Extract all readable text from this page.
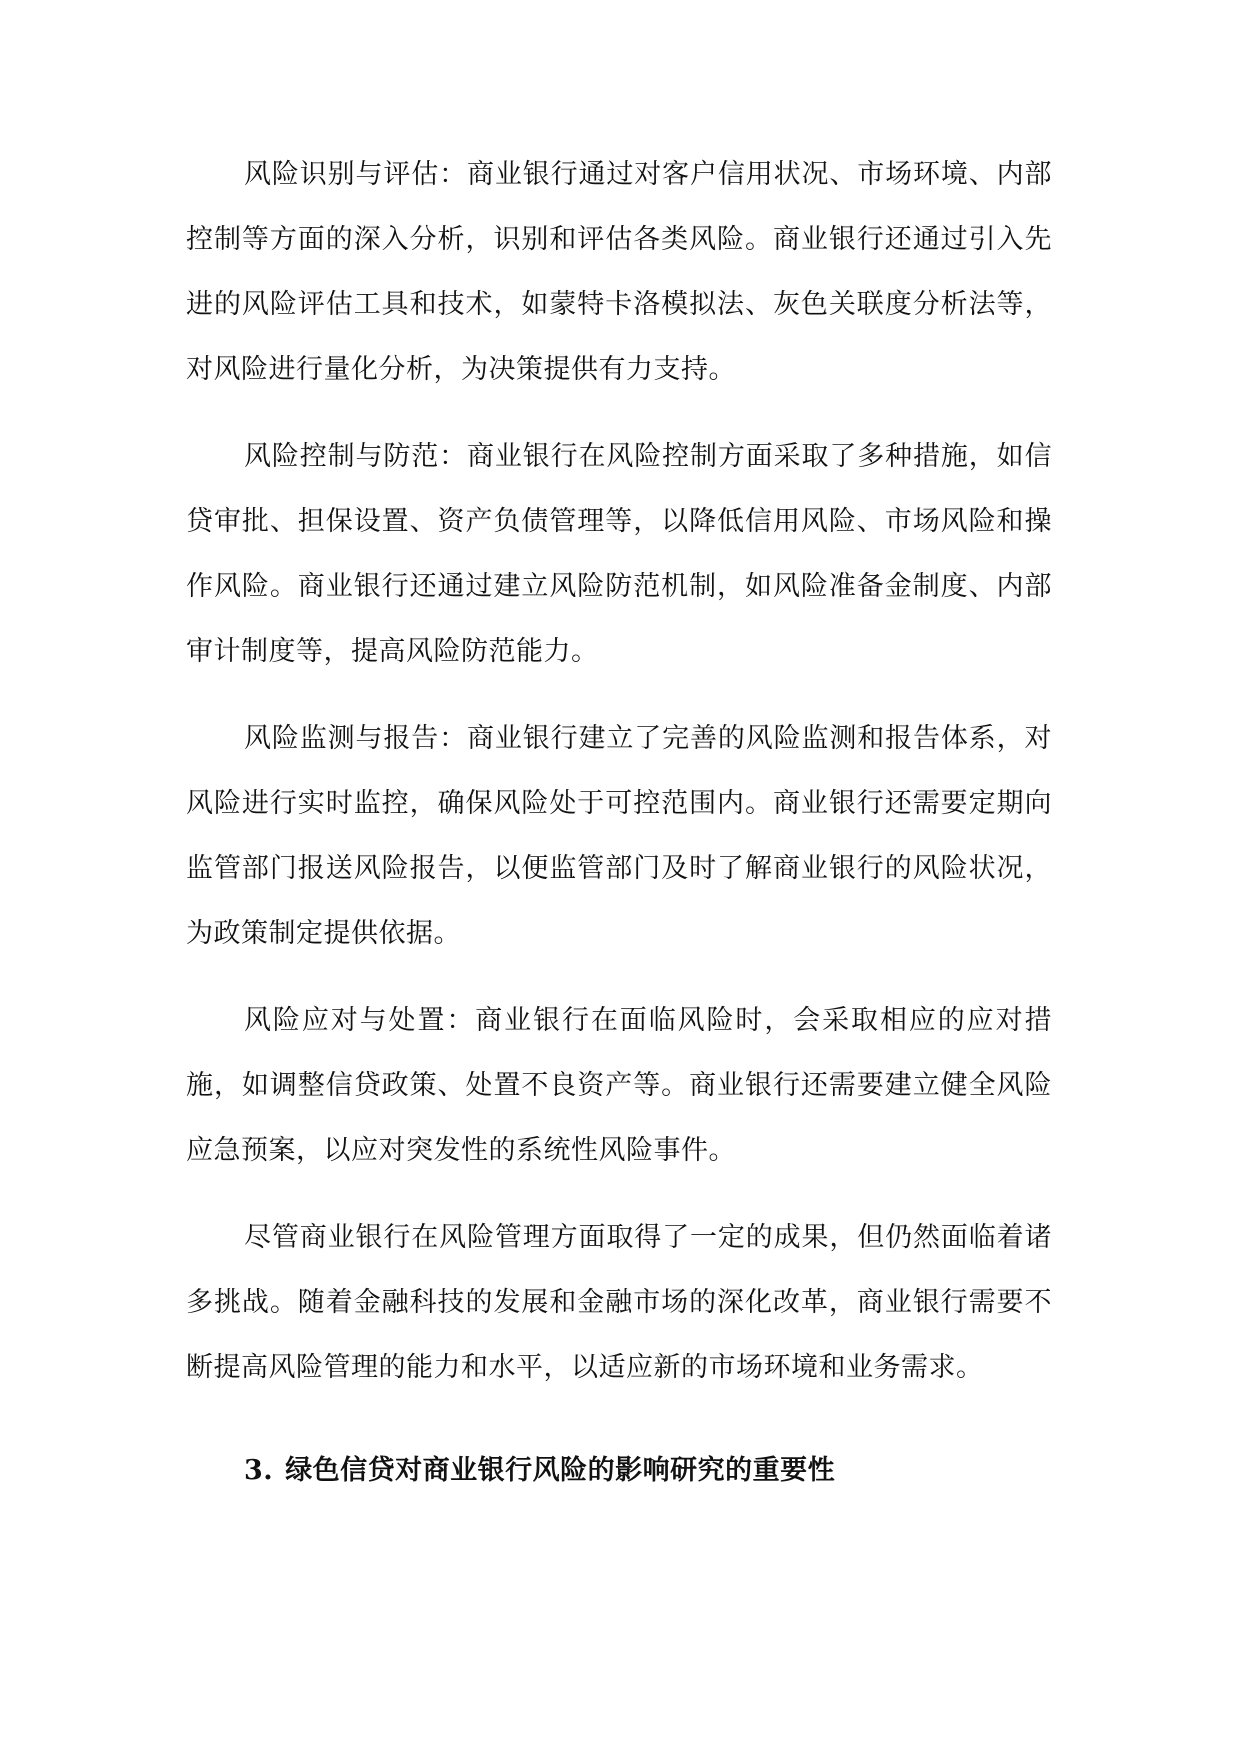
风险识别与评估：商业银行通过对客户信用状况、市场环境、内部控制等方面的深入分析，识别和评估各类风险。商业银行还通过引入先进的风险评估工具和技术，如蒙特卡洛模拟法、灰色关联度分析法等，对风险进行量化分析，为决策提供有力支持。

风险控制与防范：商业银行在风险控制方面采取了多种措施，如信贷审批、担保设置、资产负债管理等，以降低信用风险、市场风险和操作风险。商业银行还通过建立风险防范机制，如风险准备金制度、内部审计制度等，提高风险防范能力。

风险监测与报告：商业银行建立了完善的风险监测和报告体系，对风险进行实时监控，确保风险处于可控范围内。商业银行还需要定期向监管部门报送风险报告，以便监管部门及时了解商业银行的风险状况，为政策制定提供依据。

风险应对与处置：商业银行在面临风险时，会采取相应的应对措施，如调整信贷政策、处置不良资产等。商业银行还需要建立健全风险应急预案，以应对突发性的系统性风险事件。

尽管商业银行在风险管理方面取得了一定的成果，但仍然面临着诸多挑战。随着金融科技的发展和金融市场的深化改革，商业银行需要不断提高风险管理的能力和水平，以适应新的市场环境和业务需求。

3. 绿色信贷对商业银行风险的影响研究的重要性
